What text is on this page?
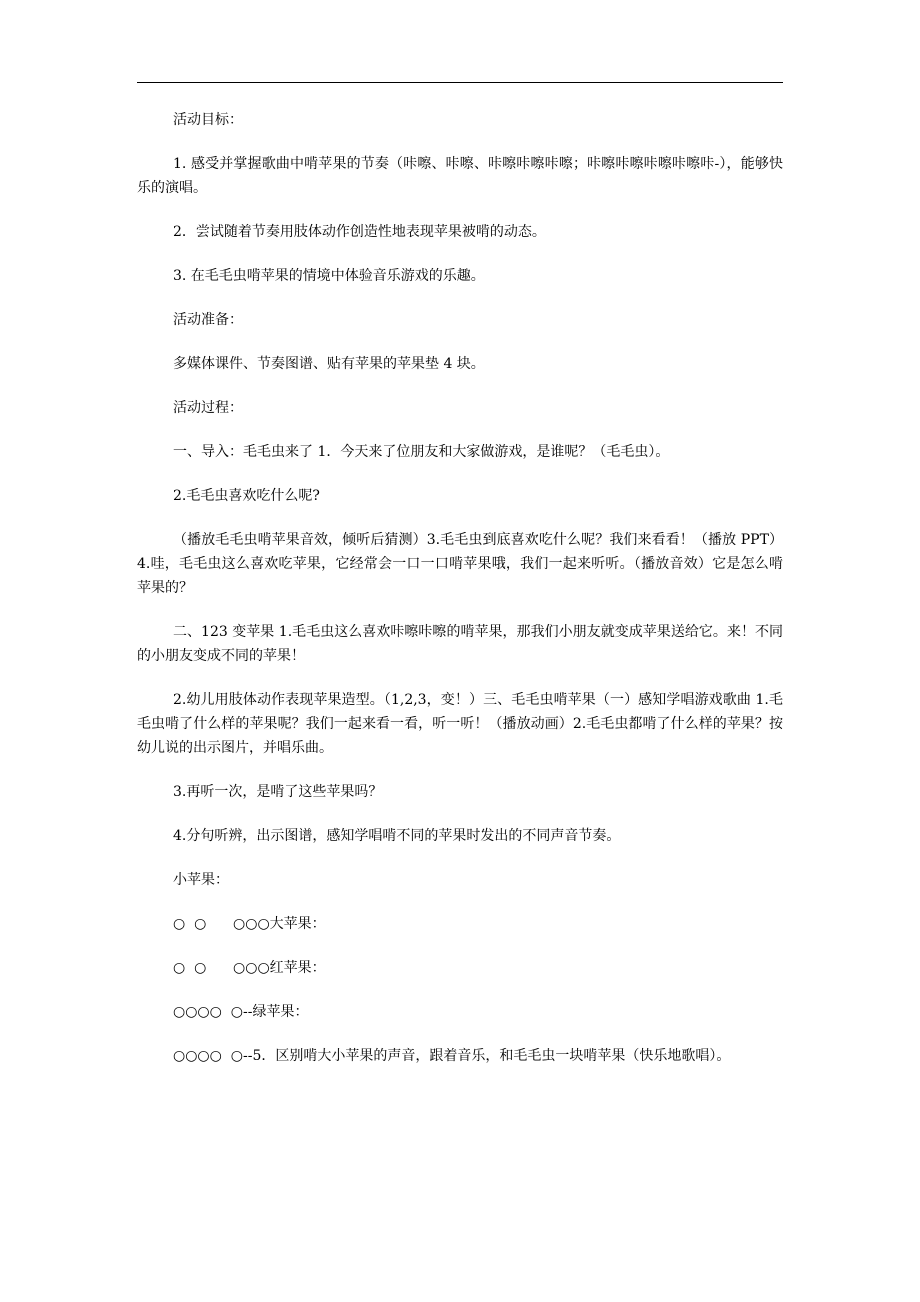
活动目标：

1. 感受并掌握歌曲中啃苹果的节奏（咔嚓、咔嚓、咔嚓咔嚓咔嚓；咔嚓咔嚓咔嚓咔嚓咔-），能够快乐的演唱。

2．尝试随着节奏用肢体动作创造性地表现苹果被啃的动态。

3. 在毛毛虫啃苹果的情境中体验音乐游戏的乐趣。

活动准备：

多媒体课件、节奏图谱、贴有苹果的苹果垫 4 块。

活动过程：

一、导入：毛毛虫来了 1．今天来了位朋友和大家做游戏，是谁呢？（毛毛虫）。

2.毛毛虫喜欢吃什么呢?

（播放毛毛虫啃苹果音效，倾听后猜测）3.毛毛虫到底喜欢吃什么呢？我们来看看！（播放 PPT）4.哇，毛毛虫这么喜欢吃苹果，它经常会一口一口啃苹果哦，我们一起来听听。（播放音效）它是怎么啃苹果的？

二、123 变苹果 1.毛毛虫这么喜欢咔嚓咔嚓的啃苹果，那我们小朋友就变成苹果送给它。来！不同的小朋友变成不同的苹果！

2.幼儿用肢体动作表现苹果造型。（1,2,3，变！）三、毛毛虫啃苹果（一）感知学唱游戏歌曲 1.毛毛虫啃了什么样的苹果呢？我们一起来看一看，听一听！（播放动画）2.毛毛虫都啃了什么样的苹果？按幼儿说的出示图片，并唱乐曲。

3.再听一次，是啃了这些苹果吗？

4.分句听辨，出示图谱，感知学唱啃不同的苹果时发出的不同声音节奏。

小苹果：

○  ○      ○○○大苹果：

○  ○      ○○○红苹果：

○○○○  ○--绿苹果：

○○○○  ○--5．区别啃大小苹果的声音，跟着音乐，和毛毛虫一块啃苹果（快乐地歌唱）。
